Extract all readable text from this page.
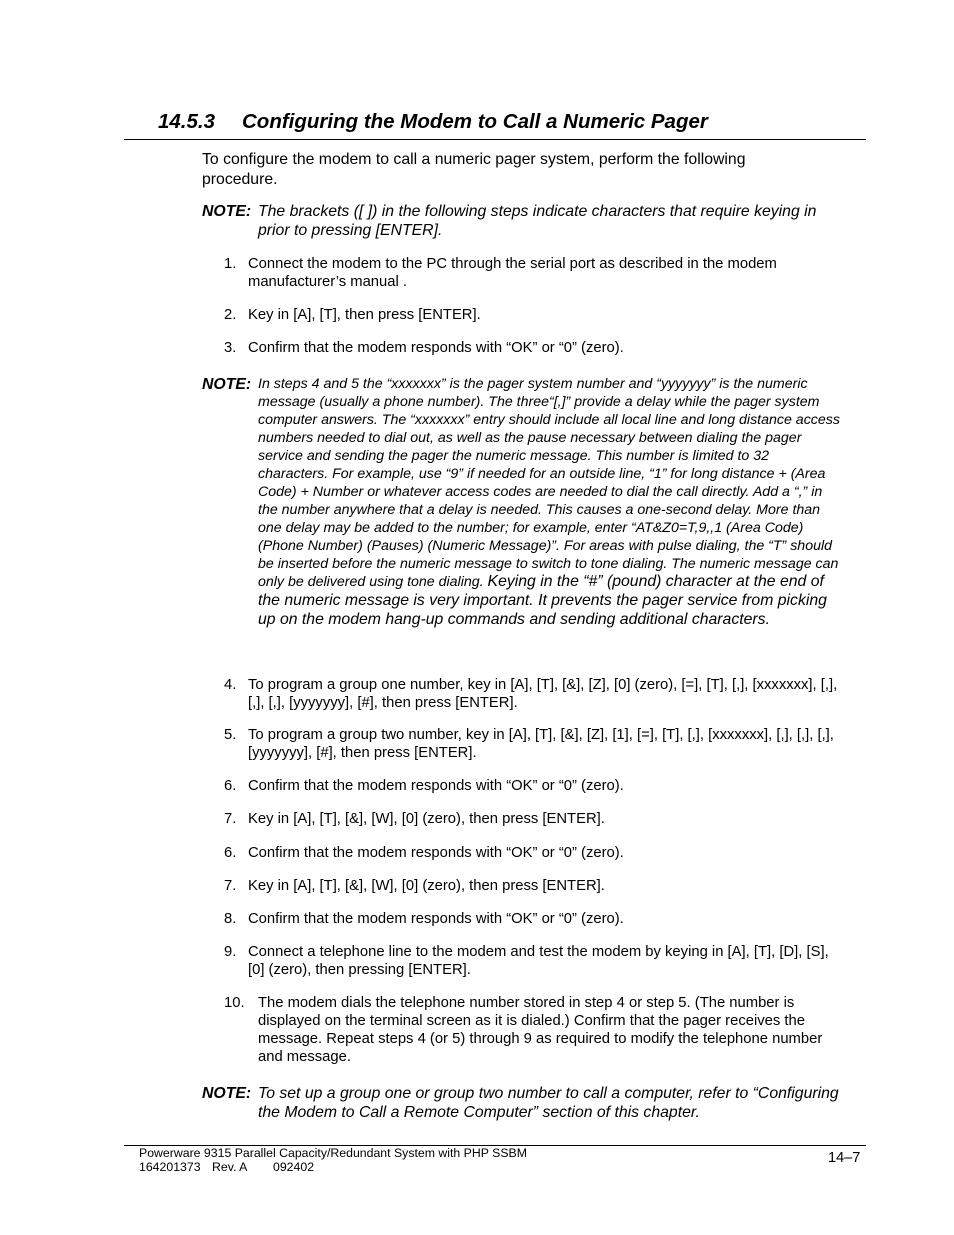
14.5.3 Configuring the Modem to Call a Numeric Pager

To configure the modem to call a numeric pager system, perform the following procedure.

NOTE: The brackets ([ ]) in the following steps indicate characters that require keying in prior to pressing [ENTER].
1. Connect the modem to the PC through the serial port as described in the modem manufacturer’s manual .
2. Key in [A], [T], then press [ENTER].
3. Confirm that the modem responds with “OK” or “0” (zero).
NOTE: In steps 4 and 5 the “xxxxxxx” is the pager system number and “yyyyyyy” is the numeric message (usually a phone number). The three“[,]” provide a delay while the pager system computer answers. The “xxxxxxx” entry should include all local line and long distance access numbers needed to dial out, as well as the pause necessary between dialing the pager service and sending the pager the numeric message. This number is limited to 32 characters. For example, use “9” if needed for an outside line, “1” for long distance + (Area Code) + Number or whatever access codes are needed to dial the call directly. Add a “,” in the number anywhere that a delay is needed. This causes a one-second delay. More than one delay may be added to the number; for example, enter “AT&Z0=T,9,,1 (Area Code) (Phone Number) (Pauses) (Numeric Message)”. For areas with pulse dialing, the “T” should be inserted before the numeric message to switch to tone dialing. The numeric message can only be delivered using tone dialing. Keying in the “#” (pound) character at the end of the numeric message is very important. It prevents the pager service from picking up on the modem hang-up commands and sending additional characters.
4. To program a group one number, key in [A], [T], [&], [Z], [0] (zero), [=], [T], [,], [xxxxxxx], [,], [,], [,], [yyyyyyy], [#], then press [ENTER].
5. To program a group two number, key in [A], [T], [&], [Z], [1], [=], [T], [,], [xxxxxxx], [,], [,], [,], [yyyyyyy], [#], then press [ENTER].
6. Confirm that the modem responds with “OK” or “0” (zero).
7. Key in [A], [T], [&], [W], [0] (zero), then press [ENTER].
6. Confirm that the modem responds with “OK” or “0” (zero).
7. Key in [A], [T], [&], [W], [0] (zero), then press [ENTER].
8. Confirm that the modem responds with “OK” or “0” (zero).
9. Connect a telephone line to the modem and test the modem by keying in [A], [T], [D], [S], [0] (zero), then pressing [ENTER].
10. The modem dials the telephone number stored in step 4 or step 5. (The number is displayed on the terminal screen as it is dialed.) Confirm that the pager receives the message. Repeat steps 4 (or 5) through 9 as required to modify the telephone number and message.
NOTE: To set up a group one or group two number to call a computer, refer to “Configuring the Modem to Call a Remote Computer” section of this chapter.
Powerware 9315 Parallel Capacity/Redundant System with PHP SSBM
164201373 Rev. A 092402
14–7
